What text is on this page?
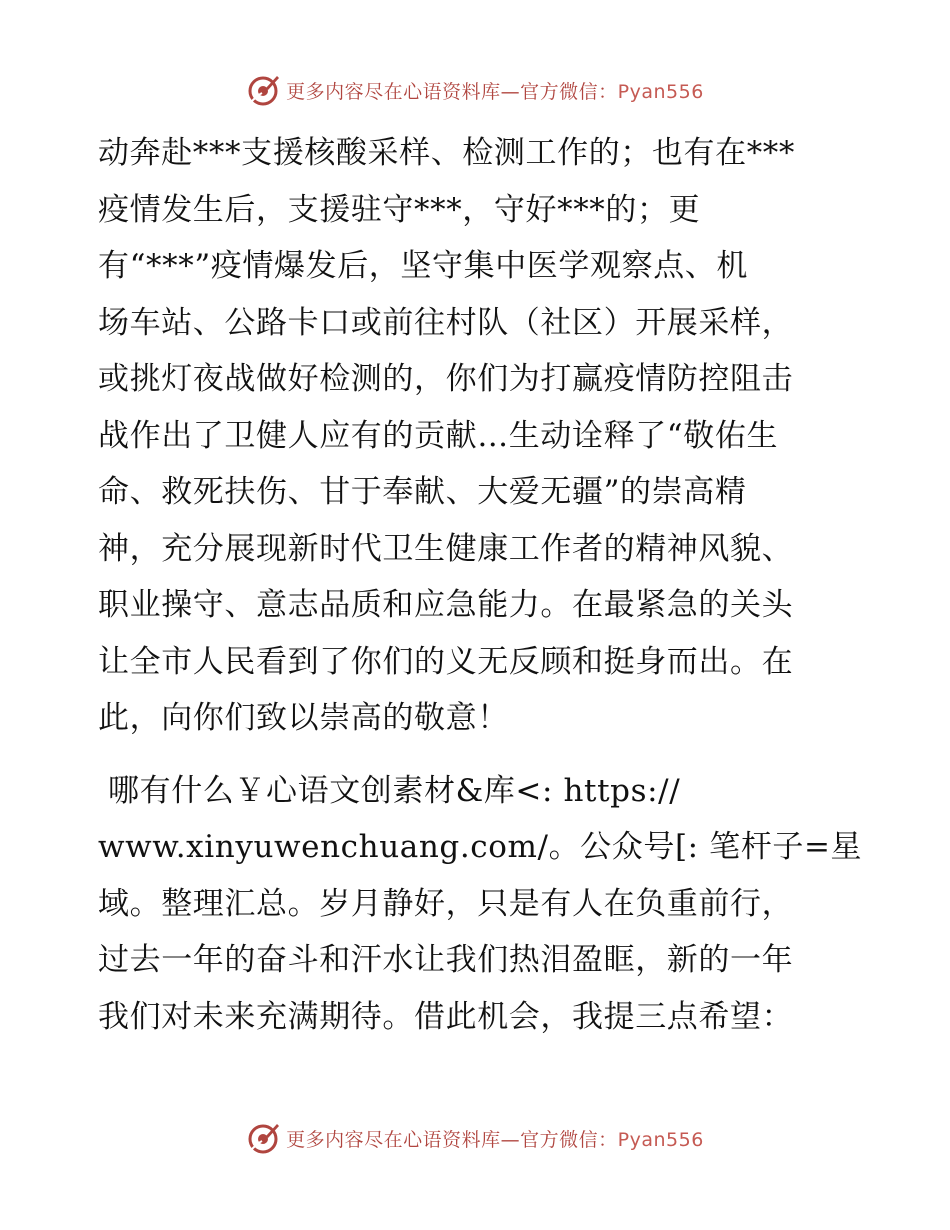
更多内容尽在心语资料库—官方微信：Pyan556
动奔赴***支援核酸采样、检测工作的；也有在***
疫情发生后，支援驻守***，守好***的；更
有“***”疫情爆发后，坚守集中医学观察点、机
场车站、公路卡口或前往村队（社区）开展采样，
或挑灯夜战做好检测的，你们为打赢疫情防控阻击
战作出了卫健人应有的贡献…生动诠释了“敬佑生
命、救死扶伤、甘于奉献、大爱无疆”的崇高精
神，充分展现新时代卫生健康工作者的精神风貌、
职业操守、意志品质和应急能力。在最紧急的关头
让全市人民看到了你们的义无反顾和挺身而出。在
此，向你们致以崇高的敬意！
哪有什么￥心语文创素材&库<: https://
www.xinyuwenchuang.com/。公众号[: 笔杆子=星
域。整理汇总。岁月静好，只是有人在负重前行，
过去一年的奋斗和汗水让我们热泪盈眶，新的一年
我们对未来充满期待。借此机会，我提三点希望：
更多内容尽在心语资料库—官方微信：Pyan556
